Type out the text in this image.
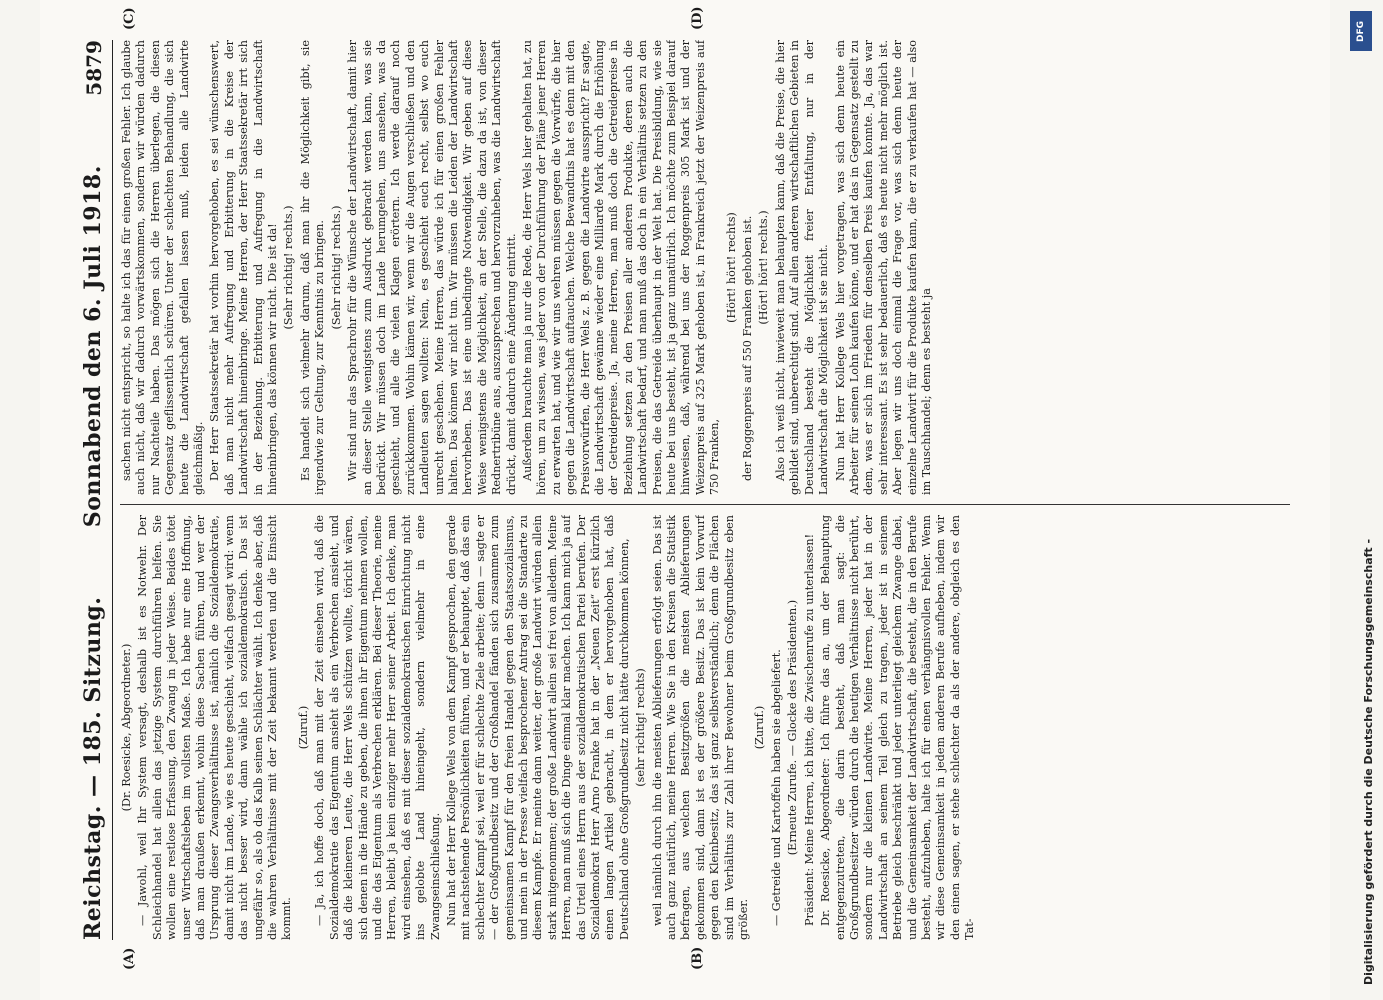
Reichstag. — 185. Sitzung.
Sonnabend den 6. Juli 1918.
5879
(A)	(B)
(C)	(D)

(Dr. Roesicke, Abgeordneter.) — Jawohl, weil Ihr System versagt, deshalb ist es Notwehr. Der Schleichhandel hat allein das jetzige System durchführen helfen. Sie wollen eine restlose Erfassung, den Zwang in jeder Weise. Beides tötet unser Wirtschaftsleben im vollsten Maße. Ich habe nur eine Hoffnung, daß man draußen erkennt, wohin diese Sachen führen, und wer der Ursprung dieser Zwangsverhältnisse ist, nämlich die Sozialdemokratie, damit nicht im Lande, wie es heute geschieht, vielfach gesagt wird: wenn das nicht besser wird, dann wähle ich sozialdemokratisch. Das ist ungefähr so, als ob das Kalb seinen Schlächter wählt. Ich denke aber, daß die wahren Verhältnisse mit der Zeit bekannt werden und die Einsicht kommt.

(Zuruf.) — Ja, ich hoffe doch, daß man mit der Zeit einsehen wird, daß die Sozialdemokratie das Eigentum ansieht als ein Verbrechen ansieht, und daß die kleineren Leute, die Herr Wels schützen wollte, töricht wären, sich denen in die Hände zu geben, die ihnen ihr Eigentum nehmen wollen, und die das Eigentum als Verbrechen erklären. Bei dieser Theorie, meine Herren, bleibt ja kein einziger mehr Herr seiner Arbeit. Ich denke, man wird einsehen, daß es mit dieser sozialdemokratischen Einrichtung nicht ins gelobte Land hineingeht, sondern vielmehr in eine Zwangseinschließung. Nun hat der Herr Kollege Wels von dem Kampf gesprochen, den gerade mit nachstehende Persönlichkeiten führen, und er behauptet, daß das ein schlechter Kampf sei, weil er für schlechte Ziele arbeite; denn — sagte er — der Großgrundbesitz und der Großhandel fänden sich zusammen zum gemeinsamen Kampf für den freien Handel gegen den Staatssozialismus, und mein in der Presse vielfach besprochener Antrag sei die Standarte zu diesem Kampfe. Er meinte dann weiter, der große Landwirt würden allein stark mitgenommen; der große Landwirt allein sei frei von alledem. Meine Herren, man muß sich die Dinge einmal klar machen. Ich kann mich ja auf das Urteil eines Herrn aus der sozialdemokratischen Partei berufen. Der Sozialdemokrat Herr Arno Franke hat in der „Neuen Zeit“ erst kürzlich einen langen Artikel gebracht, in dem er hervorgehoben hat, daß Deutschland ohne Großgrundbesitz nicht hätte durchkommen können, (sehr richtig! rechts) weil nämlich durch ihn die meisten Ablieferungen erfolgt seien. Das ist auch ganz natürlich, meine Herren. Wie Sie in den Kreisen die Statistik befragen, aus welchen Besitzgrößen die meisten Ablieferungen gekommen sind, dann ist es der größere Besitz. Das ist kein Vorwurf gegen den Kleinbesitz, das ist ganz selbstverständlich; denn die Flächen sind im Verhältnis zur Zahl ihrer Bewohner beim Großgrundbesitz eben größer.

(Zuruf.) — Getreide und Kartoffeln haben sie abgeliefert. (Erneute Zurufe. — Glocke des Präsidenten.) Präsident: Meine Herren, ich bitte, die Zwischenrufe zu unterlassen! Dr. Roesicke, Abgeordneter: Ich führe das an, um der Behauptung entgegenzutreten, die darin besteht, daß man sagt: die Großgrundbesitzer würden durch die heutigen Verhältnisse nicht berührt, sondern nur die kleinen Landwirte. Meine Herren, jeder hat in der Landwirtschaft an seinem Teil gleich zu tragen, jeder ist in seinem Betriebe gleich beschränkt und jeder unterliegt gleichem Zwange dabei, und die Gemeinsamkeit der Landwirtschaft, die besteht, die in den Berufe besteht, aufzuheben, halte ich für einen verhängnisvollen Fehler. Wenn wir diese Gemeinsamkeit in jedem anderen Berufe aufheben, indem wir den einen sagen, er stehe schlechter da als der andere, obgleich es den Tat-

sachen nicht entspricht, so halte ich das für einen großen Fehler. Ich glaube auch nicht, daß wir dadurch vorwärtskommen, sondern wir würden dadurch nur Nachteile haben. Das mögen sich die Herren überlegen, die diesen Gegensatz geflissentlich schüren. Unter der schlechten Behandlung, die sich heute die Landwirtschaft gefallen lassen muß, leiden alle Landwirte gleichmäßig. Der Herr Staatssekretär hat vorhin hervorgehoben, es sei wünschenswert, daß man nicht mehr Aufregung und Erbitterung in die Kreise der Landwirtschaft hineinbringe. Meine Herren, der Herr Staatssekretär irrt sich in der Beziehung. Erbitterung und Aufregung in die Landwirtschaft hineinbringen, das können wir nicht. Die ist da! (Sehr richtig! rechts.) Es handelt sich vielmehr darum, daß man ihr die Möglichkeit gibt, sie irgendwie zur Geltung, zur Kenntnis zu bringen. (Sehr richtig! rechts.) Wir sind nur das Sprachrohr für die Wünsche der Landwirtschaft, damit hier an dieser Stelle wenigstens zum Ausdruck gebracht werden kann, was sie bedrückt. Wir müssen doch im Lande herumgehen, uns ansehen, was da geschieht, und alle die vielen Klagen erörtern. Ich werde darauf noch zurückkommen. Wohin kämen wir, wenn wir die Augen verschließen und den Landleuten sagen wollten: Nein, es geschieht euch recht, selbst wo euch unrecht geschehen. Meine Herren, das würde ich für einen großen Fehler halten. Das können wir nicht tun. Wir müssen die Leiden der Landwirtschaft hervorheben. Das ist eine unbedingte Notwendigkeit. Wir geben auf diese Weise wenigstens die Möglichkeit, an der Stelle, die dazu da ist, von dieser Rednertribüne aus, auszusprechen und hervorzuheben, was die Landwirtschaft drückt, damit dadurch eine Änderung eintritt. Außerdem brauchte man ja nur die Rede, die Herr Wels hier gehalten hat, zu hören, um zu wissen, was jeder von der Durchführung der Pläne jener Herren zu erwarten hat, und wie wir uns wehren müssen gegen die Vorwürfe, die hier gegen die Landwirtschaft auftauchen. Welche Bewandtnis hat es denn mit den Preisvorwürfen, die Herr Wels z. B. gegen die Landwirte ausspricht? Er sagte, die Landwirtschaft gewänne wieder eine Milliarde Mark durch die Erhöhung der Getreidepreise. Ja, meine Herren, man muß doch die Getreidepreise in Beziehung setzen zu den Preisen aller anderen Produkte, deren auch die Landwirtschaft bedarf, und man muß das doch in ein Verhältnis setzen zu den Preisen, die das Getreide überhaupt in der Welt hat. Die Preisbildung, wie sie heute bei uns besteht, ist ja ganz unnatürlich. Ich möchte zum Beispiel darauf hinweisen, daß, während bei uns der Roggenpreis 305 Mark ist und der Weizenpreis auf 325 Mark gehoben ist, in Frankreich jetzt der Weizenpreis auf 750 Franken,

(Hört! hört! rechts) der Roggenpreis auf 550 Franken gehoben ist. (Hört! hört! rechts.) Also ich weiß nicht, inwieweit man behaupten kann, daß die Preise, die hier gebildet sind, unberechtigt sind. Auf allen anderen wirtschaftlichen Gebieten in Deutschland besteht die Möglichkeit freier Entfaltung, nur in der Landwirtschaft die Möglichkeit ist sie nicht. Nun hat Herr Kollege Wels hier vorgetragen, was sich denn heute ein Arbeiter für seinen Lohn kaufen könne, und er hat das in Gegensatz gestellt zu dem, was er sich im Frieden für denselben Preis kaufen konnte. Ja, das war sehr interessant. Es ist sehr bedauerlich, daß es heute nicht mehr möglich ist. Aber legen wir uns doch einmal die Frage vor, was sich denn heute der einzelne Landwirt für die Produkte kaufen kann, die er zu verkaufen hat — also im Tauschhandel; denn es besteht ja

DFG
Digitalisierung gefördert durch die Deutsche Forschungsgemeinschaft -
